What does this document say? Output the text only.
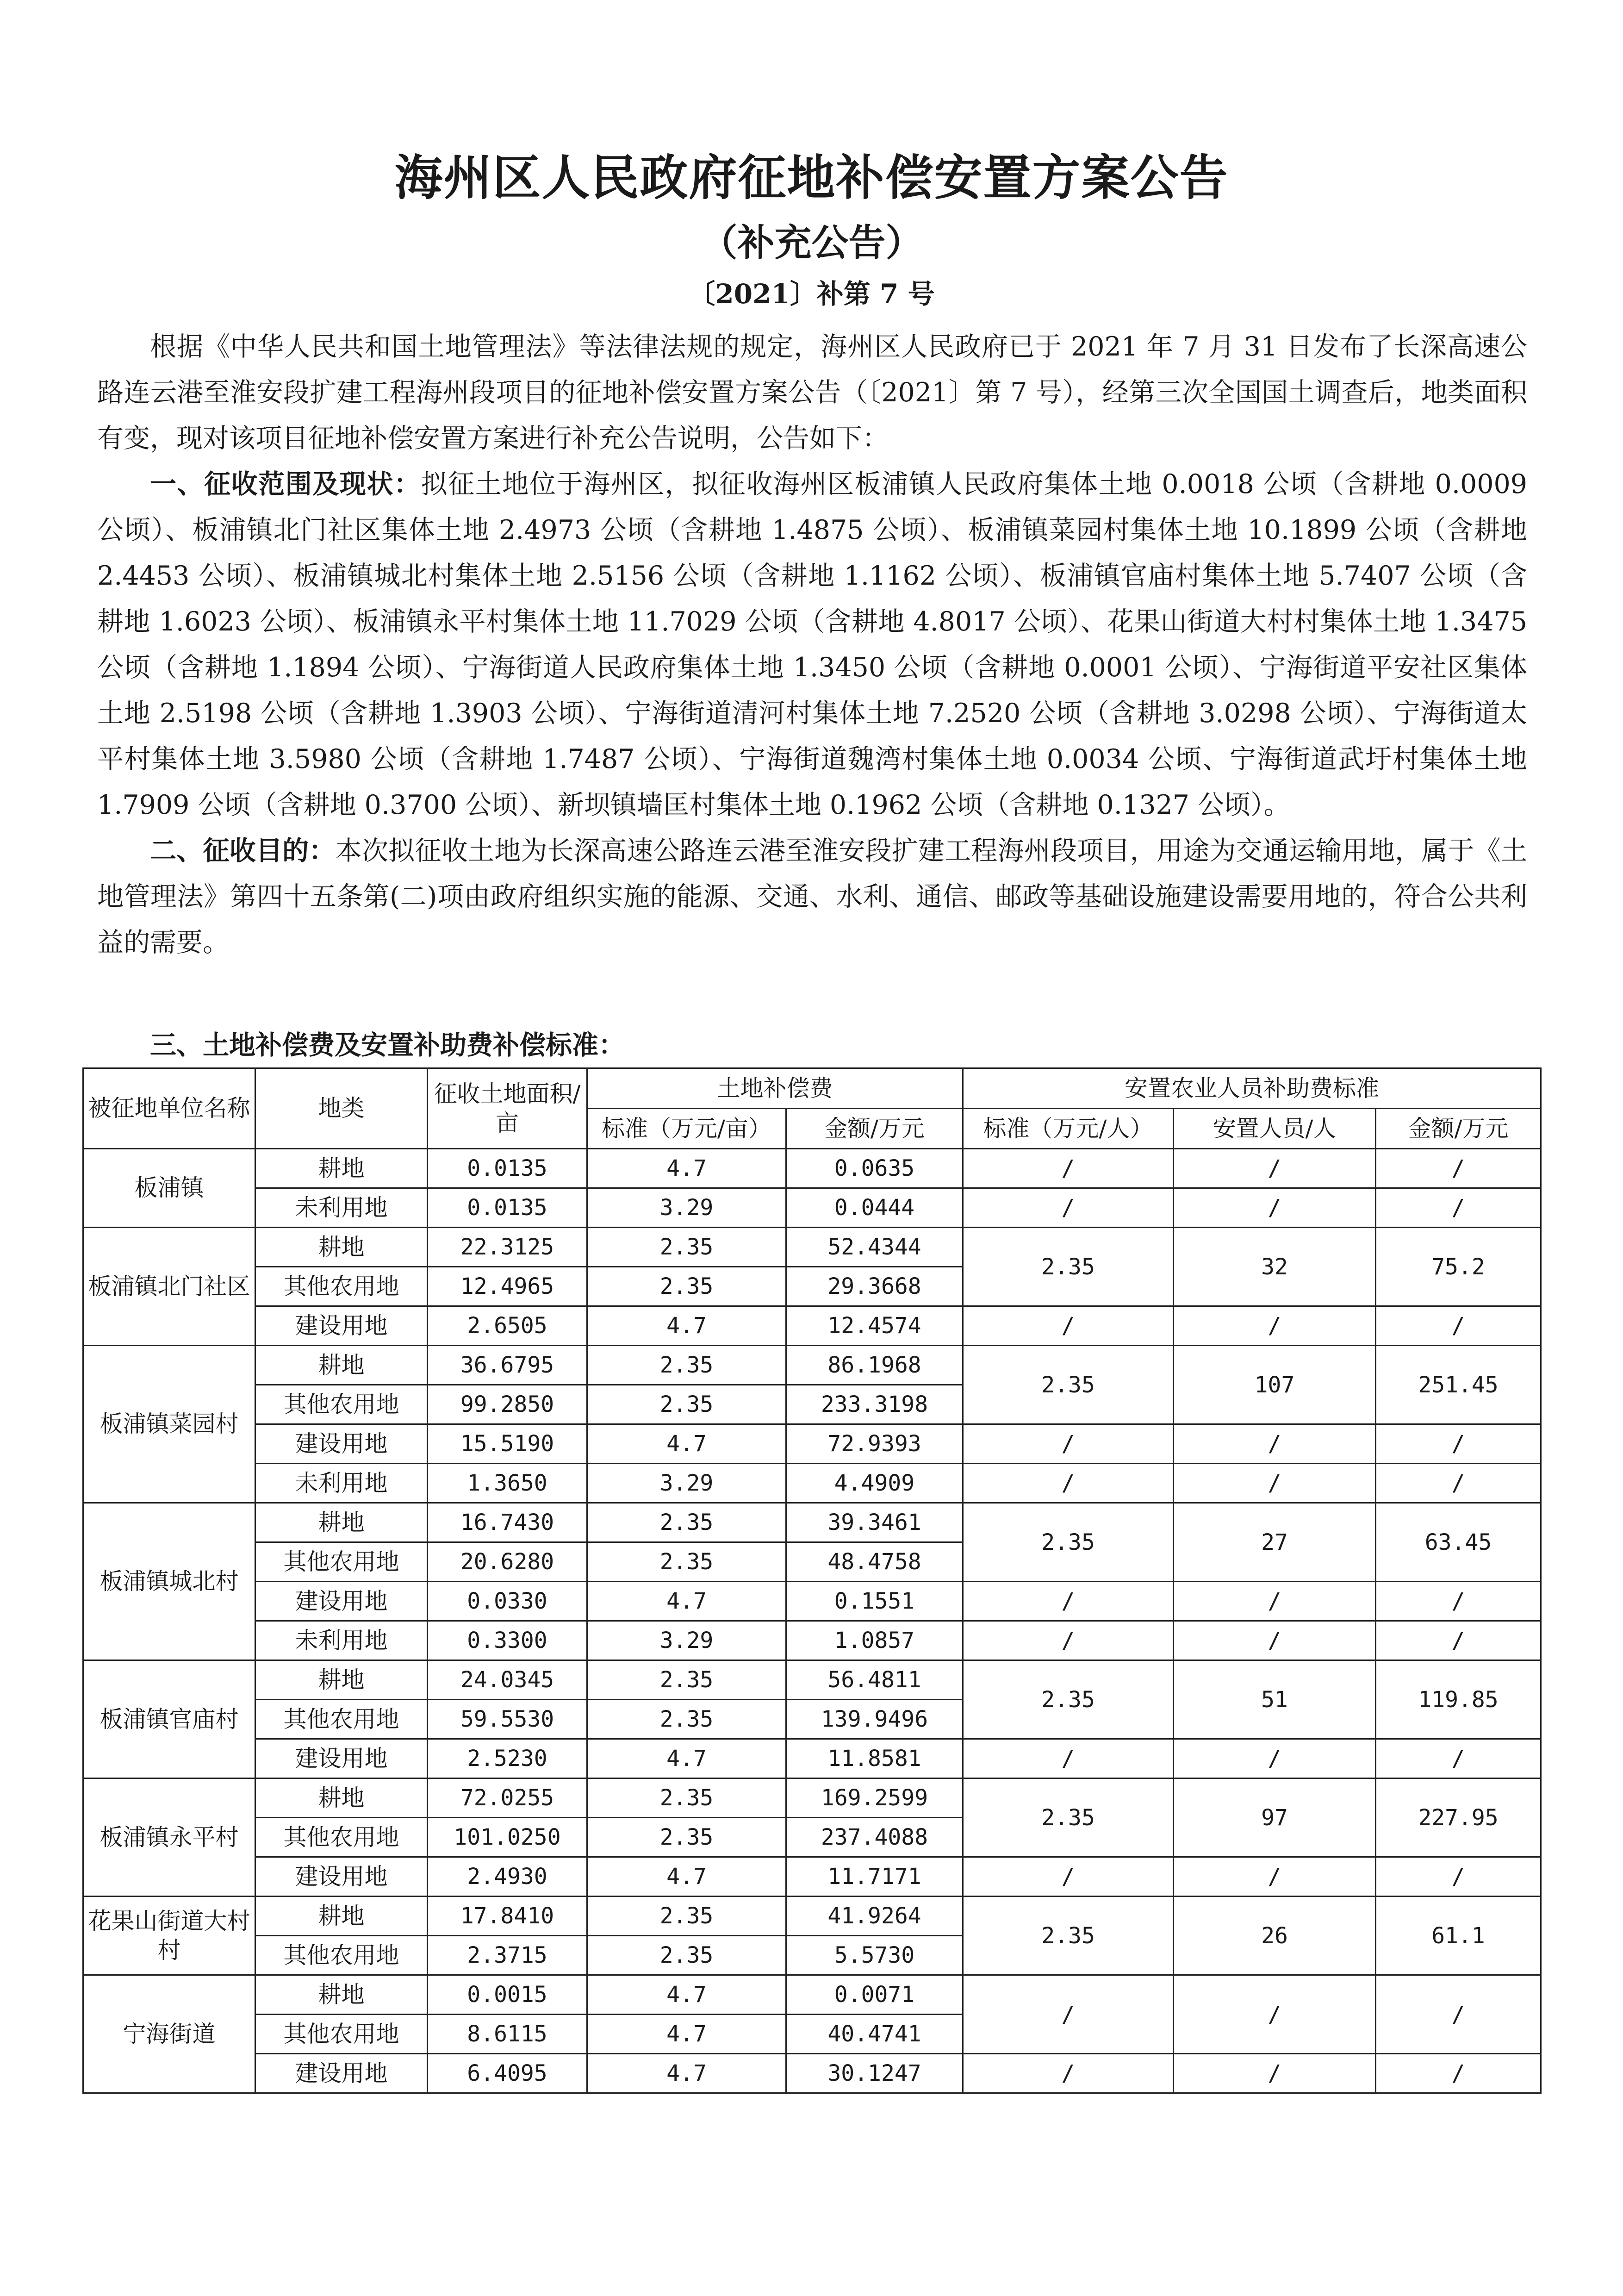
海州区人民政府征地补偿安置方案公告
（补充公告）
〔2021〕补第 7 号

根据《中华人民共和国土地管理法》等法律法规的规定，海州区人民政府已于 2021 年 7 月 31 日发布了长深高速公路连云港至淮安段扩建工程海州段项目的征地补偿安置方案公告（〔2021〕第 7 号），经第三次全国国土调查后，地类面积有变，现对该项目征地补偿安置方案进行补充公告说明，公告如下：

一、征收范围及现状：拟征土地位于海州区，拟征收海州区板浦镇人民政府集体土地 0.0018 公顷（含耕地 0.0009 公顷）、板浦镇北门社区集体土地 2.4973 公顷（含耕地 1.4875 公顷）、板浦镇菜园村集体土地 10.1899 公顷（含耕地 2.4453 公顷）、板浦镇城北村集体土地 2.5156 公顷（含耕地 1.1162 公顷）、板浦镇官庙村集体土地 5.7407 公顷（含耕地 1.6023 公顷）、板浦镇永平村集体土地 11.7029 公顷（含耕地 4.8017 公顷）、花果山街道大村村集体土地 1.3475 公顷（含耕地 1.1894 公顷）、宁海街道人民政府集体土地 1.3450 公顷（含耕地 0.0001 公顷）、宁海街道平安社区集体土地 2.5198 公顷（含耕地 1.3903 公顷）、宁海街道清河村集体土地 7.2520 公顷（含耕地 3.0298 公顷）、宁海街道太平村集体土地 3.5980 公顷（含耕地 1.7487 公顷）、宁海街道魏湾村集体土地 0.0034 公顷、宁海街道武圩村集体土地 1.7909 公顷（含耕地 0.3700 公顷）、新坝镇墙匡村集体土地 0.1962 公顷（含耕地 0.1327 公顷）。

二、征收目的：本次拟征收土地为长深高速公路连云港至淮安段扩建工程海州段项目，用途为交通运输用地，属于《土地管理法》第四十五条第(二)项由政府组织实施的能源、交通、水利、通信、邮政等基础设施建设需要用地的，符合公共利益的需要。

三、土地补偿费及安置补助费补偿标准：
被征地单位名称	地类	征收土地面积/亩	土地补偿费		安置农业人员补助费标准		
			标准（万元/亩）	金额/万元	标准（万元/人）	安置人员/人	金额/万元
板浦镇	耕地	0.0135	4.7	0.0635	/	/	/
	未利用地	0.0135	3.29	0.0444	/	/	/
板浦镇北门社区	耕地	22.3125	2.35	52.4344	2.35	32	75.2
	其他农用地	12.4965	2.35	29.3668			
	建设用地	2.6505	4.7	12.4574	/	/	/
板浦镇菜园村	耕地	36.6795	2.35	86.1968	2.35	107	251.45
	其他农用地	99.2850	2.35	233.3198			
	建设用地	15.5190	4.7	72.9393	/	/	/
	未利用地	1.3650	3.29	4.4909	/	/	/
板浦镇城北村	耕地	16.7430	2.35	39.3461	2.35	27	63.45
	其他农用地	20.6280	2.35	48.4758			
	建设用地	0.0330	4.7	0.1551	/	/	/
	未利用地	0.3300	3.29	1.0857	/	/	/
板浦镇官庙村	耕地	24.0345	2.35	56.4811	2.35	51	119.85
	其他农用地	59.5530	2.35	139.9496			
	建设用地	2.5230	4.7	11.8581	/	/	/
板浦镇永平村	耕地	72.0255	2.35	169.2599	2.35	97	227.95
	其他农用地	101.0250	2.35	237.4088			
	建设用地	2.4930	4.7	11.7171	/	/	/
花果山街道大村村	耕地	17.8410	2.35	41.9264	2.35	26	61.1
	其他农用地	2.3715	2.35	5.5730			
宁海街道	耕地	0.0015	4.7	0.0071	/	/	/
	其他农用地	8.6115	4.7	40.4741			
	建设用地	6.4095	4.7	30.1247	/	/	/
